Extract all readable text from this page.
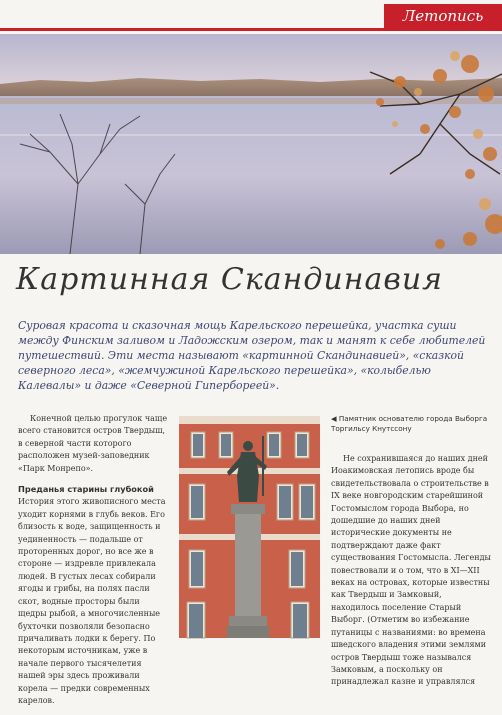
Летопись
Картинная Скандинавия
Суровая красота и сказочная мощь Карельского перешейка, участка суши между Финским заливом и Ладожским озером, так и манят к себе любителей путешествий. Эти места называют «картинной Скандинавией», «сказкой северного леса», «жемчужиной Карельского перешейка», «колыбелью Калевалы» и даже «Северной Гиперборeей».

Конечной целью прогулок чаще всего становится остров Твердыш, в северной части которого расположен музей-заповедник «Парк Монрепо».

Преданья старины глубокой

История этого живописного места уходит корнями в глубь веков. Его близость к воде, защищенность и уединенность — подальше от проторенных дорог, но все же в стороне — издревле привлекала людей. В густых лесах собирали ягоды и грибы, на полях пасли скот, водные просторы были щедры рыбой, а многочисленные бухточки позволяли безопасно причаливать лодки к берегу. По некоторым источникам, уже в начале первого тысячелетия нашей эры здесь проживали корела — предки современных карелов.

◀ Памятник основателю города Выборга Торгильсу Кнутссону
Не сохранившаяся до наших дней Иоакимовская летопись вроде бы свидетельствовала о строительстве в IX веке новгородским старейшиной Гостомыслом города Выбора, но дошедшие до наших дней исторические документы не подтверждают даже факт существования Гостомысла. Легенды повествовали и о том, что в XI—XII веках на островах, которые известны как Твердыш и Замковый, находилось поселение Старый Выборг. (Отметим во избежание путаницы с названиями: во времена шведского владения этими землями остров Твердыш тоже назывался Замковым, а поскольку он принадлежал казне и управлялся
